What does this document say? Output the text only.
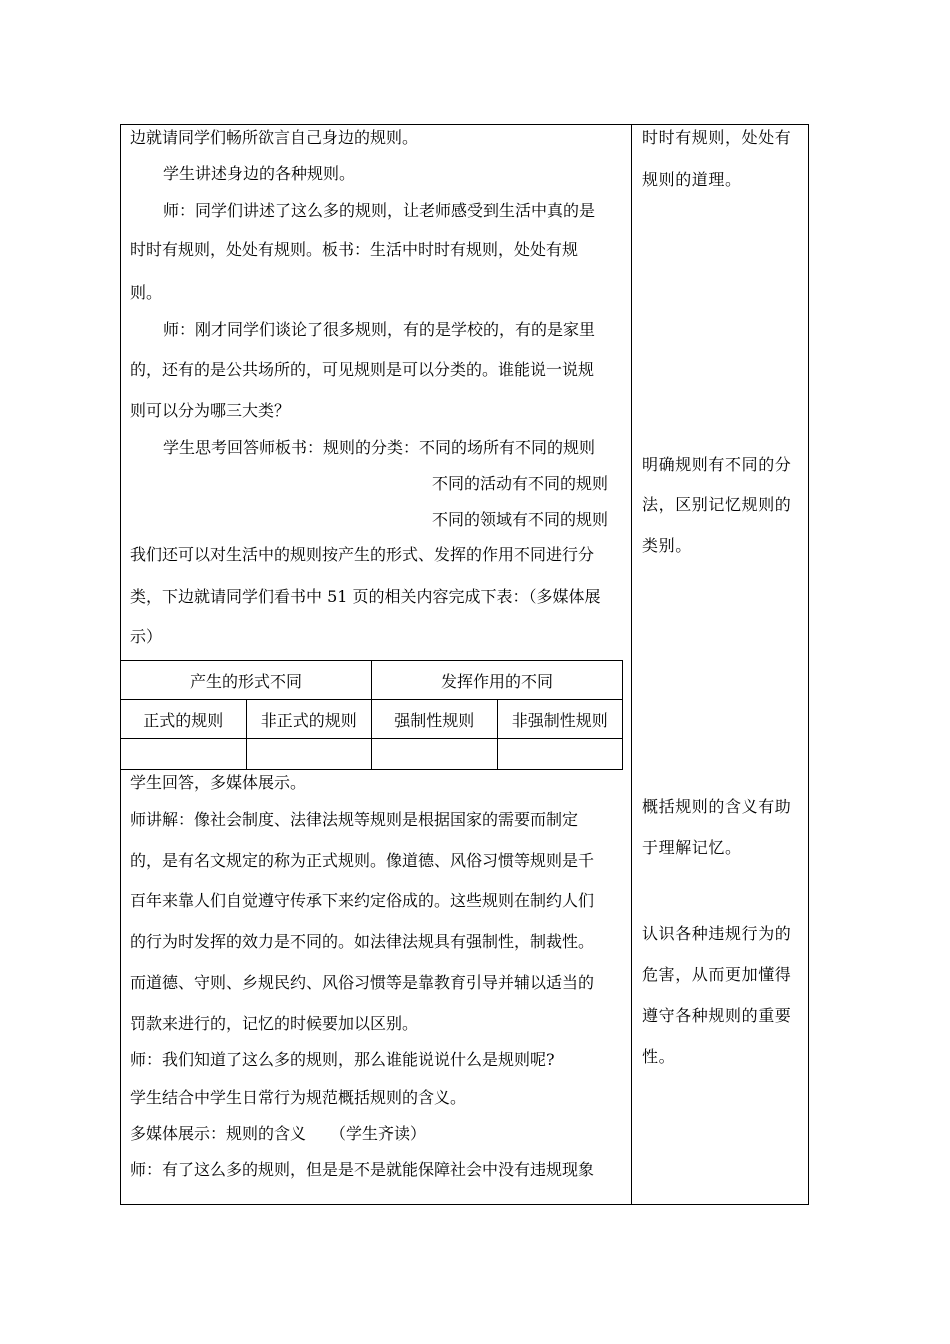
边就请同学们畅所欲言自己身边的规则。
学生讲述身边的各种规则。
师：同学们讲述了这么多的规则，让老师感受到生活中真的是
时时有规则，处处有规则。板书：生活中时时有规则，处处有规
则。
师：刚才同学们谈论了很多规则，有的是学校的，有的是家里
的，还有的是公共场所的，可见规则是可以分类的。谁能说一说规
则可以分为哪三大类？
学生思考回答师板书：规则的分类：不同的场所有不同的规则
不同的活动有不同的规则
不同的领域有不同的规则
我们还可以对生活中的规则按产生的形式、发挥的作用不同进行分
类，下边就请同学们看书中 51 页的相关内容完成下表：（多媒体展
示）
产生的形式不同		发挥作用的不同	
正式的规则	非正式的规则	强制性规则	非强制性规则

学生回答，多媒体展示。
师讲解：像社会制度、法律法规等规则是根据国家的需要而制定
的，是有名文规定的称为正式规则。像道德、风俗习惯等规则是千
百年来靠人们自觉遵守传承下来约定俗成的。这些规则在制约人们
的行为时发挥的效力是不同的。如法律法规具有强制性，制裁性。
而道德、守则、乡规民约、风俗习惯等是靠教育引导并辅以适当的
罚款来进行的，记忆的时候要加以区别。
师：我们知道了这么多的规则，那么谁能说说什么是规则呢?
学生结合中学生日常行为规范概括规则的含义。
多媒体展示：规则的含义　　（学生齐读）
师：有了这么多的规则，但是是不是就能保障社会中没有违规现象
时时有规则，处处有
规则的道理。
明确规则有不同的分
法，区别记忆规则的
类别。
概括规则的含义有助
于理解记忆。
认识各种违规行为的
危害，从而更加懂得
遵守各种规则的重要
性。
